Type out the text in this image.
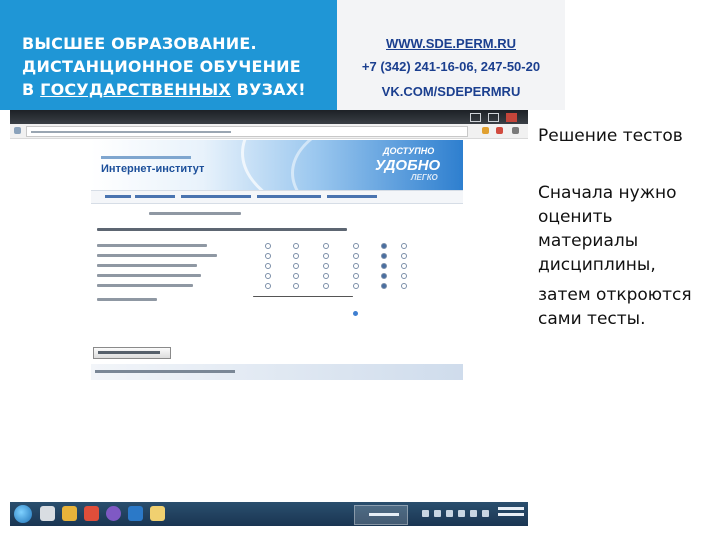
ВЫСШЕЕ ОБРАЗОВАНИЕ.
ДИСТАНЦИОННОЕ ОБУЧЕНИЕ
В ГОСУДАРСТВЕННЫХ ВУЗАХ!
WWW.SDE.PERM.RU
+7 (342) 241-16-06, 247-50-20
VK.COM/SDEPERMRU
Интернет-институт
ДОСТУПНО
УДОБНО
ЛЕГКО
Решение тестов
Сначала нужно оценить материалы дисциплины,
затем откроются сами тесты.
